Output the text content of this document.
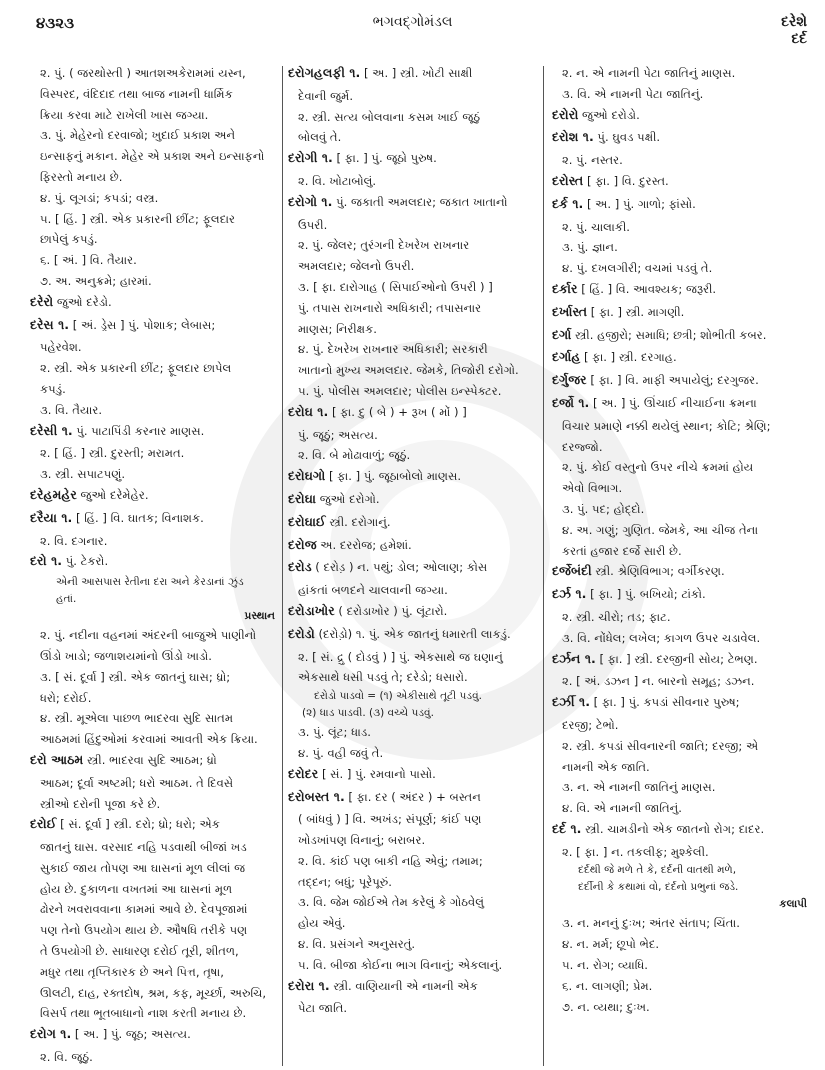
૪૩૨૩	ભગવદ્ગોમંડલ	દરેશે
દર્દ
૨. પું. ( જરથોસ્તી ) આતશઅકેરામમાં યસ્ન,
વિસ્પરદ, વંદિદાદ તથા બાજ નામની ધાર્મિક
ક્રિયા કરવા માટે રાખેલી ખાસ જગ્યા.
૩. પું. મેહેરનો દરવાજો; ખુદાઈ પ્રકાશ અને
ઇન્સાફનું મકાન. મેહેર એ પ્રકાશ અને ઇન્સાફનો
ફિરસ્તો મનાય છે.
૪. પું. લૂગડાં; કપડાં; વસ્ત્ર.
૫. [ હિં. ] સ્ત્રી. એક પ્રકારની છીંટ; ફૂલદાર
છાપેલું કપડું.
૬. [ અં. ] વિ. તૈયાર.
૭. અ. અનુક્રમે; હારમાં.
દરેરો જુઓ દરેડો.
દરેસ ૧. [ અં. ડ્રેસ ] પું. પોશાક; લેબાસ;
પહેરવેશ.
૨. સ્ત્રી. એક પ્રકારની છીંટ; ફૂલદાર છાપેલ
કપડું.
૩. વિ. તૈયાર.
દરેસી ૧. પું. પાટાપિંડી કરનાર માણસ.
૨. [ હિં. ] સ્ત્રી. દુરસ્તી; મરામત.
૩. સ્ત્રી. સપાટપણું.
દરેહમહેર જુઓ દરેમેહેર.
દરૈયા ૧. [ હિં. ] વિ. ઘાતક; વિનાશક.
૨. વિ. દગનાર.
દરો ૧. પું. ટેકરો.
એની આસપાસ રેતીના દરા અને કેરડાનાં ઝુંડ
હતાં.
પ્રસ્થાન
૨. પું. નદીના વહનમાં અંદરની બાજુએ પાણીનો
ઊંડો ખાડો; જળાશયમાંનો ઊંડો ખાડો.
૩. [ સં. દૂર્વા ] સ્ત્રી. એક જાતનું ઘાસ; ધ્રો;
ધરો; દરોઈ.
૪. સ્ત્રી. મૂએલા પાછળ ભાદરવા સુદિ સાતમ
આઠમમાં હિંદુઓમાં કરવામાં આવતી એક ક્રિયા.
દરો આઠમ સ્ત્રી. ભાદરવા સુદિ આઠમ; ધ્રો
આઠમ; દૂર્વા અષ્ટમી; ધરો આઠમ. તે દિવસે
સ્ત્રીઓ દરોની પૂજા કરે છે.
દરોઈ [ સં. દૂર્વા ] સ્ત્રી. દરો; ધ્રો; ધરો; એક
જાતનું ઘાસ. વરસાદ નહિ પડવાથી બીજાં ખડ
સુકાઈ જાય તોપણ આ ઘાસનાં મૂળ લીલાં જ
હોય છે. દુકાળના વખતમાં આ ઘાસનાં મૂળ
ઢોરને ખવરાવવાના કામમાં આવે છે. દેવપૂજામાં
પણ તેનો ઉપયોગ થાય છે. ઔષધિ તરીકે પણ
તે ઉપયોગી છે. સાધારણ દરોઈ તૂરી, શીતળ,
મધુર તથા તૃપ્તિકારક છે અને પિત્ત, તૃષા,
ઊલટી, દાહ, રક્તદોષ, શ્રમ, કફ, મૂર્ચ્છા, અરુચિ,
વિસર્પ તથા ભૂતબાધાનો નાશ કરતી મનાય છે.
દરોગ ૧. [ અ. ] પું. જૂઠ; અસત્ય.
૨. વિ. જૂઠું.
દરોગહલફી ૧. [ અ. ] સ્ત્રી. ખોટી સાક્ષી
દેવાની જુર્મ.
૨. સ્ત્રી. સત્ય બોલવાના કસમ ખાઈ જૂઠું
બોલવું તે.
દરોગી ૧. [ ફા. ] પું. જૂઠો પુરુષ.
૨. વિ. ખોટાબોલું.
દરોગો ૧. પું. જકાતી અમલદાર; જકાત ખાતાનો
ઉપરી.
૨. પું. જેલર; તુરંગની દેખરેખ રાખનાર
અમલદાર; જેલનો ઉપરી.
૩. [ ફા. દારોગાહ ( સિપાઈઓનો ઉપરી ) ]
પું. તપાસ રાખનારો અધિકારી; તપાસનાર
માણસ; નિરીક્ષક.
૪. પું. દેખરેખ રાખનાર અધિકારી; સરકારી
ખાતાનો મુખ્ય અમલદાર. જેમકે, તિજોરી દરોગો.
૫. પું. પોલીસ અમલદાર; પોલીસ ઇન્સ્પેક્ટર.
દરોઘ ૧. [ ફા. દુ ( બે ) + રૂખ ( મોં ) ]
પું. જૂઠું; અસત્ય.
૨. વિ. બે મોઢાવાળું; જૂઠું.
દરોઘગો [ ફા. ] પું. જૂઠાબોલો માણસ.
દરોઘા જુઓ દરોગો.
દરોઘાઈ સ્ત્રી. દરોગાનું.
દરોજ અ. દરરોજ; હમેશાં.
દરોડ ( દરોડ઼ ) ન. પથું; ડોલ; ઓલાણ; કોસ
હાંકતાં બળદને ચાલવાની જગ્યા.
દરોડાખોર ( દરોડાખોર ) પું. લૂંટારો.
દરોડો (દરોડ઼ો) ૧. પું. એક જાતનું ધમારતી લાકડું.
૨. [ સં. દ્રુ ( દોડવું ) ] પું. એકસાથે જ ઘણાનું
એકસાથે ધસી પડવું તે; દરેડો; ધસારો.
દરોડો પાડવો = (૧) એકીસાથે તૂટી પડવું.
(૨) ધાડ પાડવી. (૩) વચ્ચે પડવું.
૩. પું. લૂંટ; ધાડ.
૪. પું. વહી જવું તે.
દરોદર [ સં. ] પું. રમવાનો પાસો.
દરોબસ્ત ૧. [ ફા. દર ( અંદર ) + બસ્તન
( બાંધવું ) ] વિ. અખંડ; સંપૂર્ણ; કાંઈ પણ
ખોડખાંપણ વિનાનું; બરાબર.
૨. વિ. કાંઈ પણ બાકી નહિ એવું; તમામ;
તદ્દન; બધું; પૂરેપૂરું.
૩. વિ. જેમ જોઈએ તેમ કરેલું કે ગોઠવેલું
હોય એવું.
૪. વિ. પ્રસંગને અનુસરતું.
૫. વિ. બીજા કોઈના ભાગ વિનાનું; એકલાનું.
દરોરા ૧. સ્ત્રી. વાણિયાની એ નામની એક
પેટા જાતિ.
૨. ન. એ નામની પેટા જાતિનું માણસ.
૩. વિ. એ નામની પેટા જાતિનું.
દરોરો જુઓ દરોડો.
દરોશ ૧. પું. ઘુવડ પક્ષી.
૨. પું. નસ્તર.
દરોસ્ત [ ફા. ] વિ. દુરસ્ત.
દર્ક ૧. [ અ. ] પું. ગાળો; ફાંસો.
૨. પું. ચાલાકી.
૩. પું. જ્ઞાન.
૪. પું. દખલગીરી; વચમાં પડવું તે.
દર્કાર [ હિં. ] વિ. આવશ્યક; જરૂરી.
દર્ખાસ્ત [ ફા. ] સ્ત્રી. માગણી.
દર્ગા સ્ત્રી. હજીરો; સમાધિ; છત્રી; શોભીતી કબર.
દર્ગાહ [ ફા. ] સ્ત્રી. દરગાહ.
દર્ગુજર [ ફા. ] વિ. માફી અપાયેલું; દરગુજર.
દર્જો ૧. [ અ. ] પું. ઊંચાઈ નીચાઈના ક્રમના
વિચાર પ્રમાણે નક્કી થયેલું સ્થાન; કોટિ; શ્રેણિ;
દરજ્જો.
૨. પું. કોઈ વસ્તુનો ઉપર નીચે ક્રમમાં હોય
એવો વિભાગ.
૩. પું. પદ; હોદ્દો.
૪. અ. ગણું; ગુણિત. જેમકે, આ ચીજ તેના
કરતાં હજાર દર્જે સારી છે.
દર્જેબંદી સ્ત્રી. શ્રેણિવિભાગ; વર્ગીકરણ.
દર્ઝ ૧. [ ફા. ] પું. બખિયો; ટાંકો.
૨. સ્ત્રી. ચીરો; તડ; ફાટ.
૩. વિ. નોંધેલ; લખેલ; કાગળ ઉપર ચડાવેલ.
દર્ઝન ૧. [ ફા. ] સ્ત્રી. દરજીની સોય; ટેભણ.
૨. [ અં. ડઝન ] ન. બારનો સમૂહ; ડઝન.
દર્ઝી ૧. [ ફા. ] પું. કપડાં સીવનાર પુરુષ;
દરજી; ટેભો.
૨. સ્ત્રી. કપડાં સીવનારની જાતિ; દરજી; એ
નામની એક જાતિ.
૩. ન. એ નામની જાતિનું માણસ.
૪. વિ. એ નામની જાતિનું.
દર્દ ૧. સ્ત્રી. ચામડીનો એક જાતનો રોગ; દાદર.
૨. [ ફા. ] ન. તકલીફ; મુશ્કેલી.
દર્દથી જે મળે તે કે, દર્દની વાતથી મળે,
દર્દીની કે કથામાં વો, દર્દનો પ્રભુનાં જડે.
કલાપી
૩. ન. મનનું દુઃખ; અંતર સંતાપ; ચિંતા.
૪. ન. મર્મ; છૂપો ભેદ.
૫. ન. રોગ; વ્યાધિ.
૬. ન. લાગણી; પ્રેમ.
૭. ન. વ્યથા; દુઃખ.
